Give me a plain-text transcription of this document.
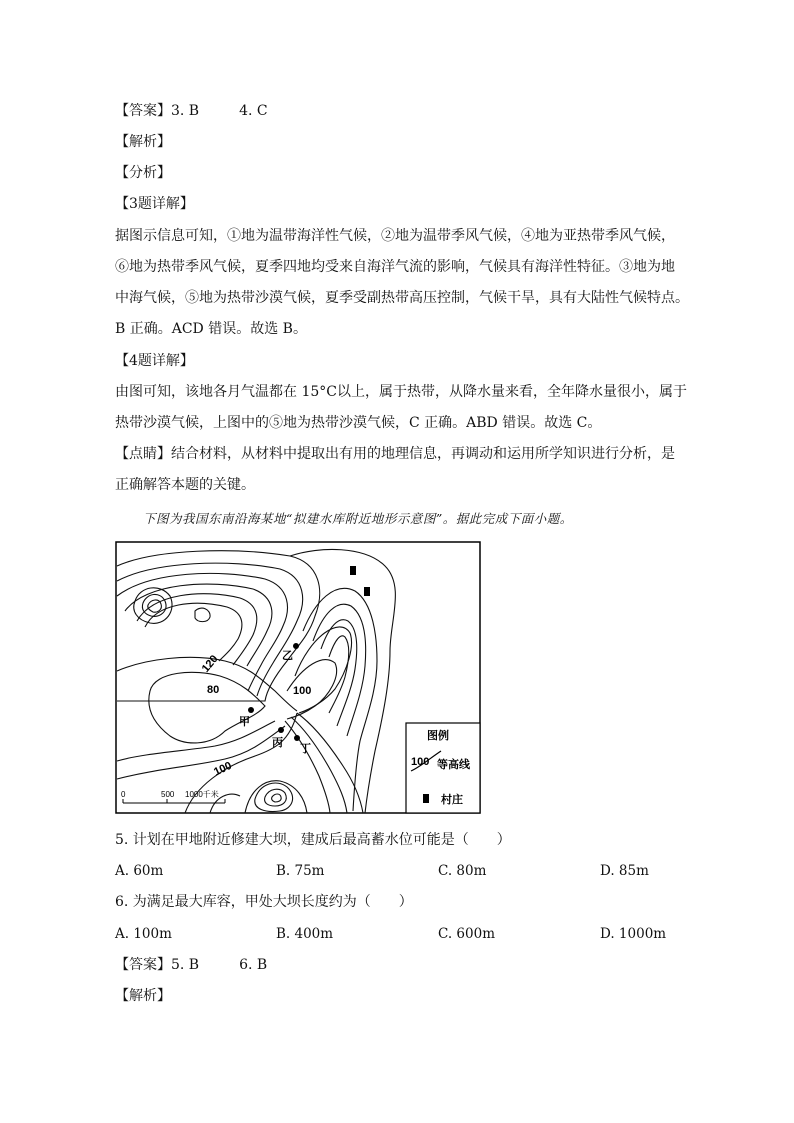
【答案】3. B	4. C
【解析】
【分析】
【3题详解】
据图示信息可知，①地为温带海洋性气候，②地为温带季风气候，④地为亚热带季风气候，
⑥地为热带季风气候，夏季四地均受来自海洋气流的影响，气候具有海洋性特征。③地为地
中海气候，⑤地为热带沙漠气候，夏季受副热带高压控制，气候干旱，具有大陆性气候特点。
B 正确。ACD 错误。故选 B。
【4题详解】
由图可知，该地各月气温都在 15°C以上，属于热带，从降水量来看，全年降水量很小，属于
热带沙漠气候，上图中的⑤地为热带沙漠气候，C 正确。ABD 错误。故选 C。
【点睛】结合材料，从材料中提取出有用的地理信息，再调动和运用所学知识进行分析，是
正确解答本题的关键。
下图为我国东南沿海某地“拟建水库附近地形示意图”。据此完成下面小题。
120
80	100
100
甲
乙
丙 丁
0	500 1000千米
图例
100 等高线
村庄
5. 计划在甲地附近修建大坝，建成后最高蓄水位可能是（　　）
A. 60m	B. 75m	C. 80m	D. 85m
6. 为满足最大库容，甲处大坝长度约为（　　）
A. 100m	B. 400m	C. 600m	D. 1000m
【答案】5. B	6. B
【解析】
